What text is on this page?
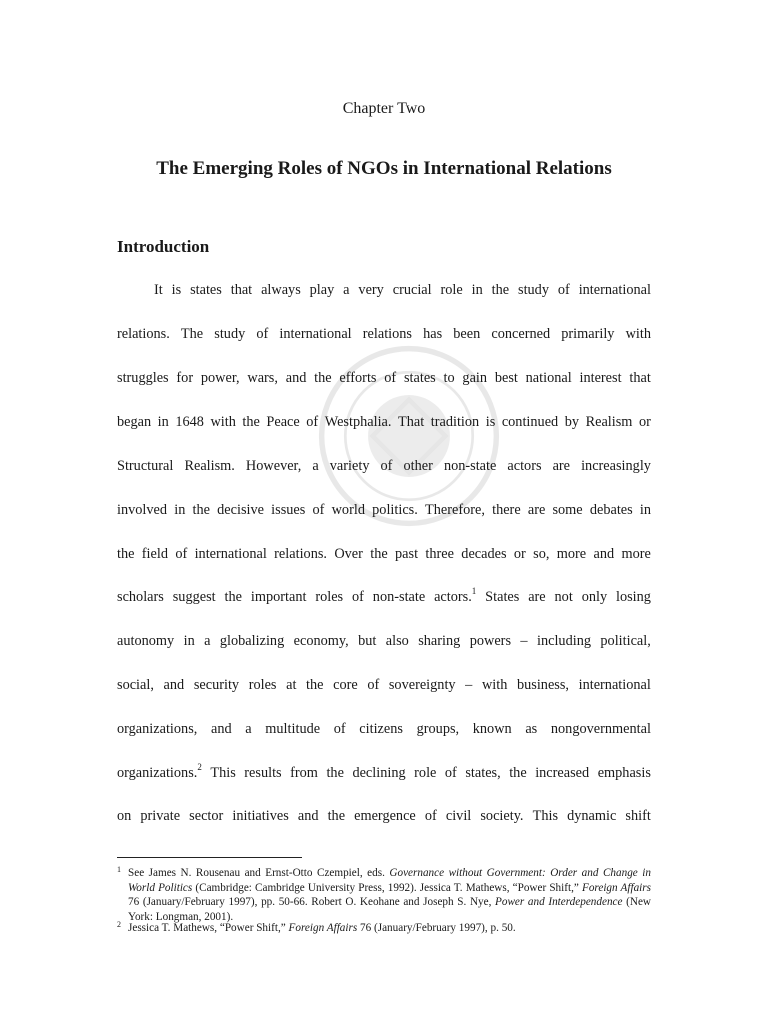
Chapter Two
The Emerging Roles of NGOs in International Relations
Introduction
It is states that always play a very crucial role in the study of international
relations. The study of international relations has been concerned primarily with
struggles for power, wars, and the efforts of states to gain best national interest that
began in 1648 with the Peace of Westphalia. That tradition is continued by Realism or
Structural Realism. However, a variety of other non-state actors are increasingly
involved in the decisive issues of world politics. Therefore, there are some debates in
the field of international relations. Over the past three decades or so, more and more
scholars suggest the important roles of non-state actors.$^1$ States are not only losing
autonomy in a globalizing economy, but also sharing powers – including political,
social, and security roles at the core of sovereignty – with business, international
organizations, and a multitude of citizens groups, known as nongovernmental
organizations.$^2$ This results from the declining role of states, the increased emphasis
on private sector initiatives and the emergence of civil society. This dynamic shift
1 See James N. Rousenau and Ernst-Otto Czempiel, eds. Governance without Government: Order and Change in World Politics (Cambridge: Cambridge University Press, 1992). Jessica T. Mathews, “Power Shift,” Foreign Affairs 76 (January/February 1997), pp. 50-66. Robert O. Keohane and Joseph S. Nye, Power and Interdependence (New York: Longman, 2001).
2 Jessica T. Mathews, “Power Shift,” Foreign Affairs 76 (January/February 1997), p. 50.
